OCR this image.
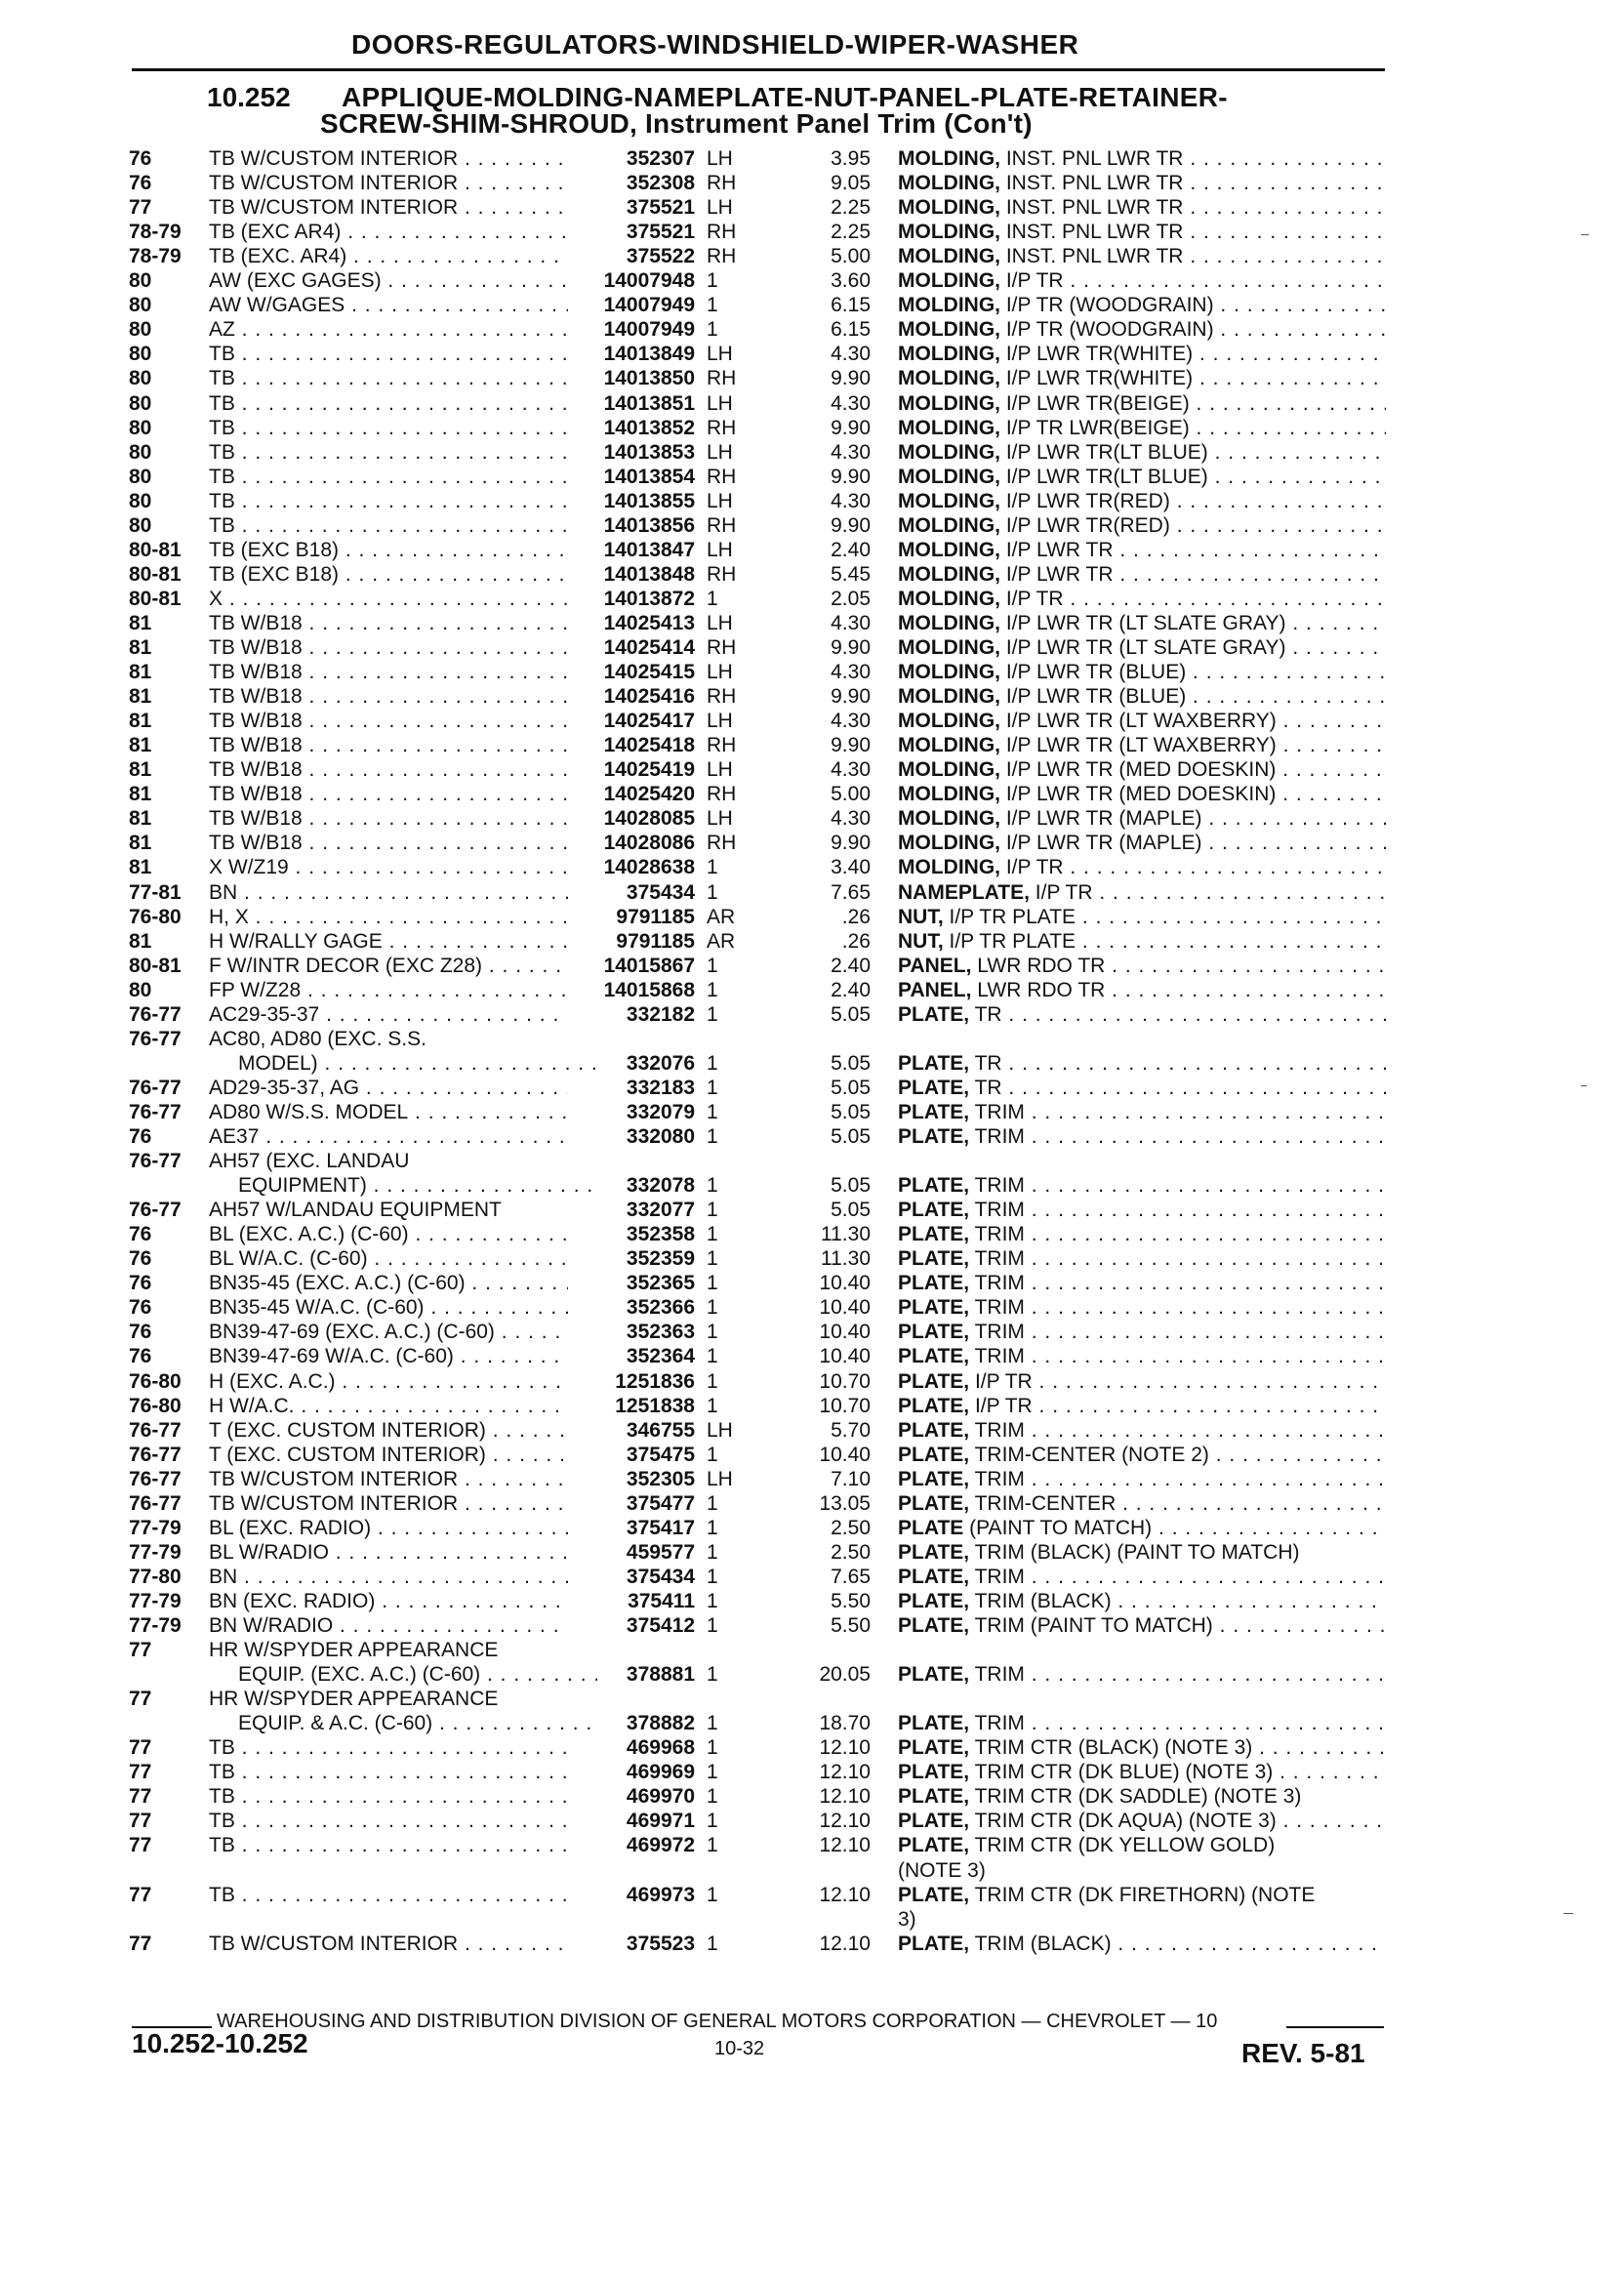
DOORS-REGULATORS-WINDSHIELD-WIPER-WASHER
10.252 APPLIQUE-MOLDING-NAMEPLATE-NUT-PANEL-PLATE-RETAINER-
SCREW-SHIM-SHROUD, Instrument Panel Trim (Con't)
76	TB W/CUSTOM INTERIOR . . .	352307 LH	3.95 MOLDING, INST. PNL LWR TR . . .
76	TB W/CUSTOM INTERIOR . . .	352308 RH	9.05 MOLDING, INST. PNL LWR TR . . .
77	TB W/CUSTOM INTERIOR . . .	375521 LH	2.25 MOLDING, INST. PNL LWR TR . . .
78-79 TB (EXC AR4) . . .	375521 RH	2.25 MOLDING, INST. PNL LWR TR . . .
78-79 TB (EXC. AR4) . . .	375522 RH	5.00 MOLDING, INST. PNL LWR TR . . .
80	AW (EXC GAGES) . . .	14007948 1	3.60 MOLDING, I/P TR . . .
80	AW W/GAGES . . .	14007949 1	6.15 MOLDING, I/P TR (WOODGRAIN) . . .
80	AZ . . .	14007949 1	6.15 MOLDING, I/P TR (WOODGRAIN) . . .
80	TB . . .	14013849 LH	4.30 MOLDING, I/P LWR TR(WHITE) . . .
80	TB . . .	14013850 RH	9.90 MOLDING, I/P LWR TR(WHITE) . . .
80	TB . . .	14013851 LH	4.30 MOLDING, I/P LWR TR(BEIGE) . . .
80	TB . . .	14013852 RH	9.90 MOLDING, I/P TR LWR(BEIGE) . . .
80	TB . . .	14013853 LH	4.30 MOLDING, I/P LWR TR(LT BLUE) . . .
80	TB . . .	14013854 RH	9.90 MOLDING, I/P LWR TR(LT BLUE) . . .
80	TB . . .	14013855 LH	4.30 MOLDING, I/P LWR TR(RED) . . .
80	TB . . .	14013856 RH	9.90 MOLDING, I/P LWR TR(RED) . . .
80-81 TB (EXC B18) . . .	14013847 LH	2.40 MOLDING, I/P LWR TR . . .
80-81 TB (EXC B18) . . .	14013848 RH	5.45 MOLDING, I/P LWR TR . . .
80-81 X . . .	14013872 1	2.05 MOLDING, I/P TR . . .
81	TB W/B18 . . .	14025413 LH	4.30 MOLDING, I/P LWR TR (LT SLATE GRAY) . . .
81	TB W/B18 . . .	14025414 RH	9.90 MOLDING, I/P LWR TR (LT SLATE GRAY) . . .
81	TB W/B18 . . .	14025415 LH	4.30 MOLDING, I/P LWR TR (BLUE) . . .
81	TB W/B18 . . .	14025416 RH	9.90 MOLDING, I/P LWR TR (BLUE) . . .
81	TB W/B18 . . .	14025417 LH	4.30 MOLDING, I/P LWR TR (LT WAXBERRY) . . .
81	TB W/B18 . . .	14025418 RH	9.90 MOLDING, I/P LWR TR (LT WAXBERRY) . . .
81	TB W/B18 . . .	14025419 LH	4.30 MOLDING, I/P LWR TR (MED DOESKIN) . . .
81	TB W/B18 . . .	14025420 RH	5.00 MOLDING, I/P LWR TR (MED DOESKIN) . . .
81	TB W/B18 . . .	14028085 LH	4.30 MOLDING, I/P LWR TR (MAPLE) . . .
81	TB W/B18 . . .	14028086 RH	9.90 MOLDING, I/P LWR TR (MAPLE) . . .
81	X W/Z19 . . .	14028638 1	3.40 MOLDING, I/P TR . . .
77-81 BN . . .	375434 1	7.65 NAMEPLATE, I/P TR . . .
76-80 H, X . . .	9791185 AR	.26 NUT, I/P TR PLATE . . .
81	H W/RALLY GAGE . . .	9791185 AR	.26 NUT, I/P TR PLATE . . .
80-81 F W/INTR DECOR (EXC Z28) . . .	14015867 1	2.40 PANEL, LWR RDO TR . . .
80	FP W/Z28 . . .	14015868 1	2.40 PANEL, LWR RDO TR . . .
76-77 AC29-35-37 . . .	332182 1	5.05 PLATE, TR . . .
76-77 AC80, AD80 (EXC. S.S.
MODEL) . . .	332076 1	5.05 PLATE, TR . . .
76-77 AD29-35-37, AG . . .	332183 1	5.05 PLATE, TR . . .
76-77 AD80 W/S.S. MODEL . . .	332079 1	5.05 PLATE, TRIM . . .
76	AE37 . . .	332080 1	5.05 PLATE, TRIM . . .
76-77 AH57 (EXC. LANDAU
EQUIPMENT) . . .	332078 1	5.05 PLATE, TRIM . . .
76-77 AH57 W/LANDAU EQUIPMENT	332077 1	5.05 PLATE, TRIM . . .
76	BL (EXC. A.C.) (C-60) . . .	352358 1	11.30 PLATE, TRIM . . .
76	BL W/A.C. (C-60) . . .	352359 1	11.30 PLATE, TRIM . . .
76	BN35-45 (EXC. A.C.) (C-60) . . .	352365 1	10.40 PLATE, TRIM . . .
76	BN35-45 W/A.C. (C-60) . . .	352366 1	10.40 PLATE, TRIM . . .
76	BN39-47-69 (EXC. A.C.) (C-60) . . .	352363 1	10.40 PLATE, TRIM . . .
76	BN39-47-69 W/A.C. (C-60) . . .	352364 1	10.40 PLATE, TRIM . . .
76-80 H (EXC. A.C.) . . .	1251836 1	10.70 PLATE, I/P TR . . .
76-80 H W/A.C. . . .	1251838 1	10.70 PLATE, I/P TR . . .
76-77 T (EXC. CUSTOM INTERIOR) . . .	346755 LH	5.70 PLATE, TRIM . . .
76-77 T (EXC. CUSTOM INTERIOR) . . .	375475 1	10.40 PLATE, TRIM-CENTER (NOTE 2) . . .
76-77 TB W/CUSTOM INTERIOR . . .	352305 LH	7.10 PLATE, TRIM . . .
76-77 TB W/CUSTOM INTERIOR . . .	375477 1	13.05 PLATE, TRIM-CENTER . . .
77-79 BL (EXC. RADIO) . . .	375417 1	2.50 PLATE (PAINT TO MATCH) . . .
77-79 BL W/RADIO . . .	459577 1	2.50 PLATE, TRIM (BLACK) (PAINT TO MATCH)
77-80 BN . . .	375434 1	7.65 PLATE, TRIM . . .
77-79 BN (EXC. RADIO) . . .	375411 1	5.50 PLATE, TRIM (BLACK) . . .
77-79 BN W/RADIO . . .	375412 1	5.50 PLATE, TRIM (PAINT TO MATCH) . . .
77	HR W/SPYDER APPEARANCE
EQUIP. (EXC. A.C.) (C-60) . . .	378881 1	20.05 PLATE, TRIM . . .
77	HR W/SPYDER APPEARANCE
EQUIP. & A.C. (C-60) . . .	378882 1	18.70 PLATE, TRIM . . .
77	TB . . .	469968 1	12.10 PLATE, TRIM CTR (BLACK) (NOTE 3) . . .
77	TB . . .	469969 1	12.10 PLATE, TRIM CTR (DK BLUE) (NOTE 3) . . .
77	TB . . .	469970 1	12.10 PLATE, TRIM CTR (DK SADDLE) (NOTE 3)
77	TB . . .	469971 1	12.10 PLATE, TRIM CTR (DK AQUA) (NOTE 3) . . .
77	TB . . .	469972 1	12.10 PLATE, TRIM CTR (DK YELLOW GOLD)
(NOTE 3)
77	TB . . .	469973 1	12.10 PLATE, TRIM CTR (DK FIRETHORN) (NOTE
3)
77	TB W/CUSTOM INTERIOR . . .	375523 1	12.10 PLATE, TRIM (BLACK) . . .
WAREHOUSING AND DISTRIBUTION DIVISION OF GENERAL MOTORS CORPORATION — CHEVROLET — 10
10.252-10.252	10-32	REV. 5-81
